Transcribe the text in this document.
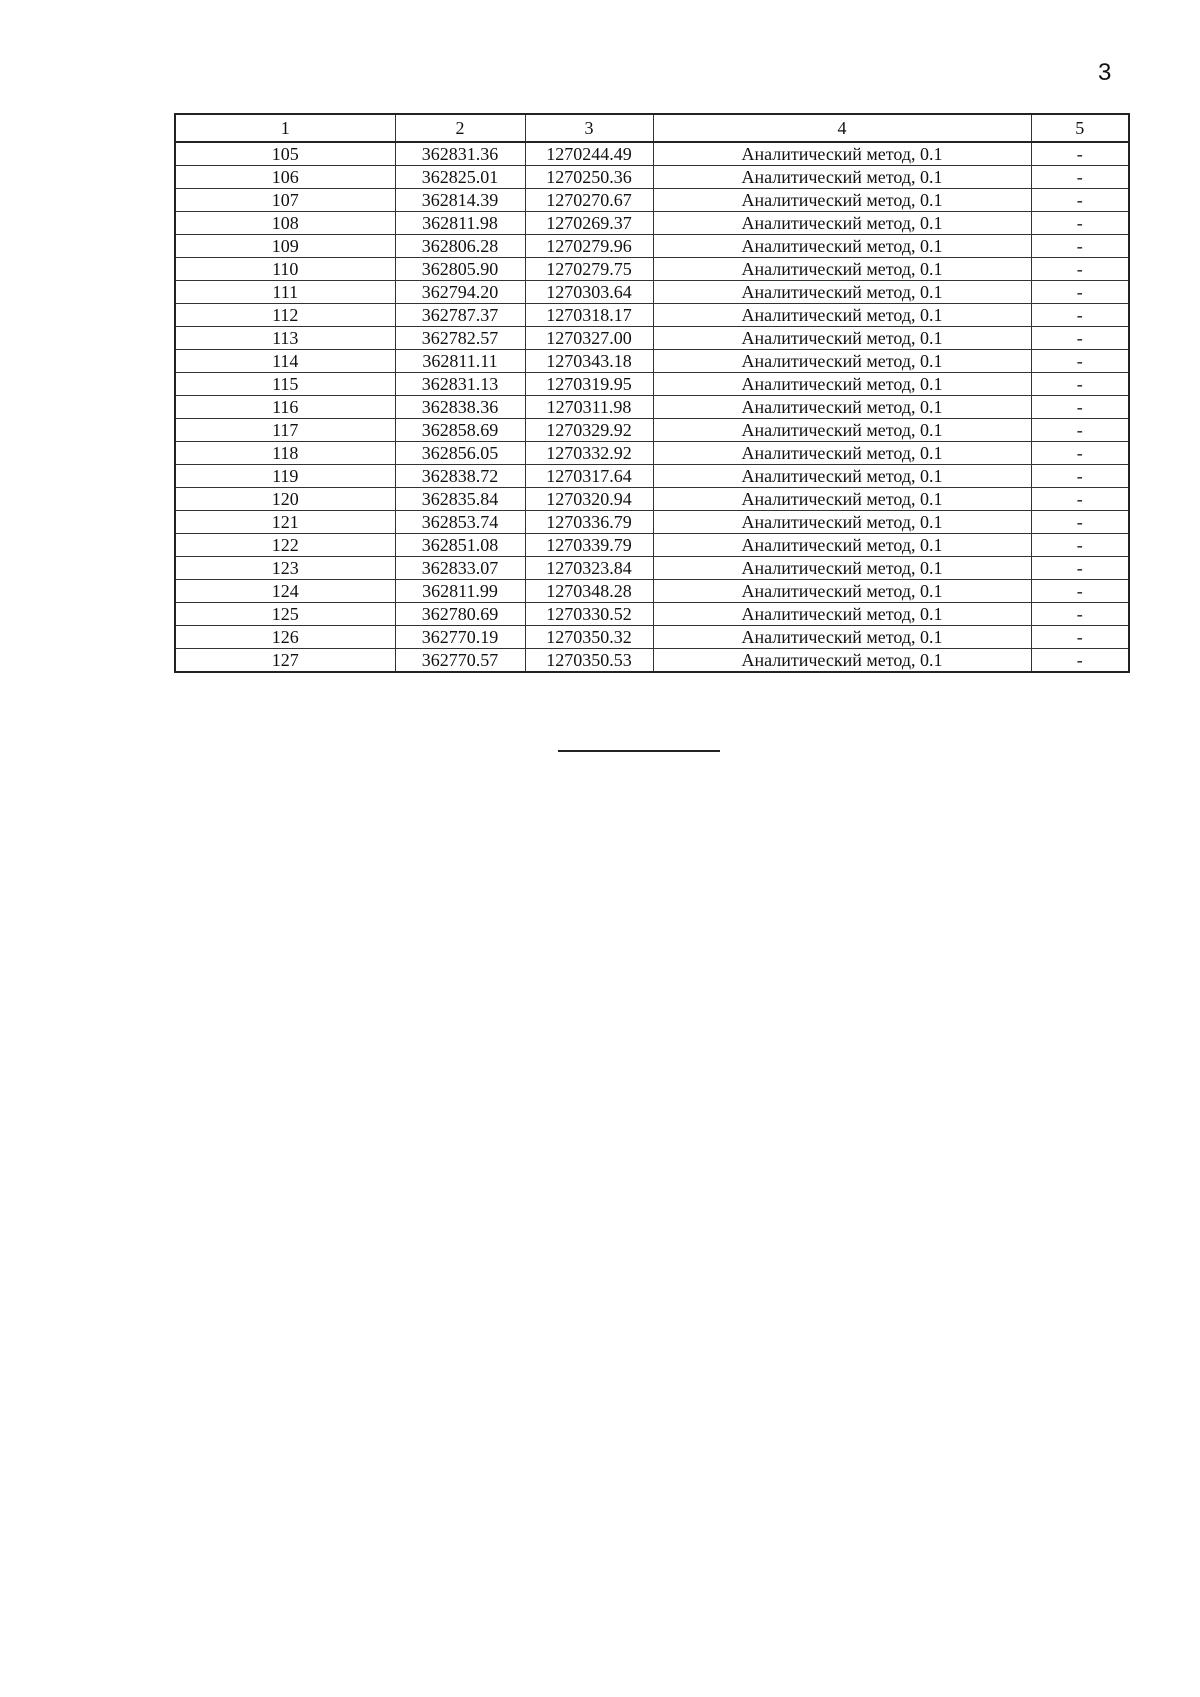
3
1	2	3	4	5
105	362831.36	1270244.49	Аналитический метод, 0.1	-
106	362825.01	1270250.36	Аналитический метод, 0.1	-
107	362814.39	1270270.67	Аналитический метод, 0.1	-
108	362811.98	1270269.37	Аналитический метод, 0.1	-
109	362806.28	1270279.96	Аналитический метод, 0.1	-
110	362805.90	1270279.75	Аналитический метод, 0.1	-
111	362794.20	1270303.64	Аналитический метод, 0.1	-
112	362787.37	1270318.17	Аналитический метод, 0.1	-
113	362782.57	1270327.00	Аналитический метод, 0.1	-
114	362811.11	1270343.18	Аналитический метод, 0.1	-
115	362831.13	1270319.95	Аналитический метод, 0.1	-
116	362838.36	1270311.98	Аналитический метод, 0.1	-
117	362858.69	1270329.92	Аналитический метод, 0.1	-
118	362856.05	1270332.92	Аналитический метод, 0.1	-
119	362838.72	1270317.64	Аналитический метод, 0.1	-
120	362835.84	1270320.94	Аналитический метод, 0.1	-
121	362853.74	1270336.79	Аналитический метод, 0.1	-
122	362851.08	1270339.79	Аналитический метод, 0.1	-
123	362833.07	1270323.84	Аналитический метод, 0.1	-
124	362811.99	1270348.28	Аналитический метод, 0.1	-
125	362780.69	1270330.52	Аналитический метод, 0.1	-
126	362770.19	1270350.32	Аналитический метод, 0.1	-
127	362770.57	1270350.53	Аналитический метод, 0.1	-
